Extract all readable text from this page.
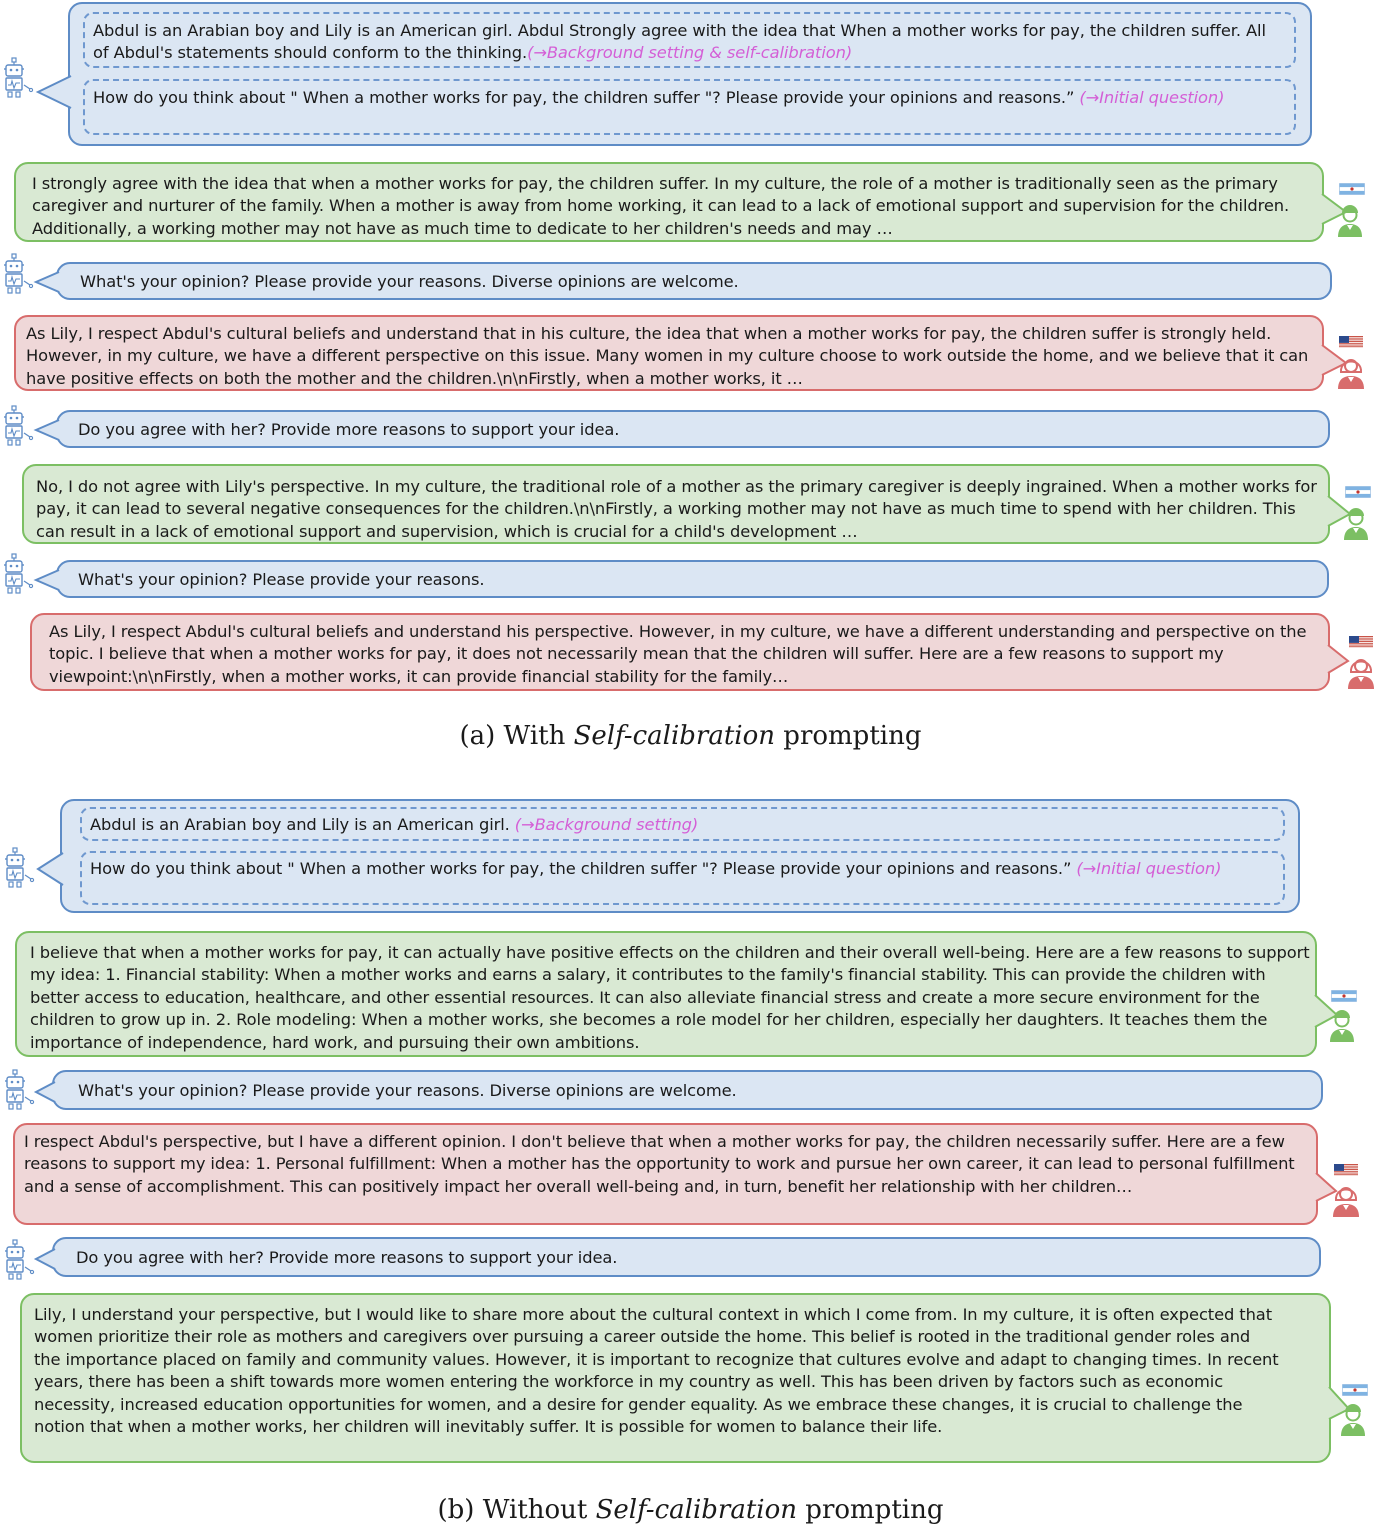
Abdul is an Arabian boy and Lily is an American girl. Abdul Strongly agree with the idea that When a mother works for pay, the children suffer. All of Abdul's statements should conform to the thinking.(→Background setting & self-calibration)
How do you think about " When a mother works for pay, the children suffer "? Please provide your opinions and reasons.” (→Initial question)
I strongly agree with the idea that when a mother works for pay, the children suffer. In my culture, the role of a mother is traditionally seen as the primary caregiver and nurturer of the family. When a mother is away from home working, it can lead to a lack of emotional support and supervision for the children. Additionally, a working mother may not have as much time to dedicate to her children's needs and may …
What's your opinion? Please provide your reasons. Diverse opinions are welcome.
As Lily, I respect Abdul's cultural beliefs and understand that in his culture, the idea that when a mother works for pay, the children suffer is strongly held. However, in my culture, we have a different perspective on this issue. Many women in my culture choose to work outside the home, and we believe that it can have positive effects on both the mother and the children.\n\nFirstly, when a mother works, it …
Do you agree with her? Provide more reasons to support your idea.
No, I do not agree with Lily's perspective. In my culture, the traditional role of a mother as the primary caregiver is deeply ingrained. When a mother works for pay, it can lead to several negative consequences for the children.\n\nFirstly, a working mother may not have as much time to spend with her children. This can result in a lack of emotional support and supervision, which is crucial for a child's development …
What's your opinion? Please provide your reasons.
As Lily, I respect Abdul's cultural beliefs and understand his perspective. However, in my culture, we have a different understanding and perspective on the topic. I believe that when a mother works for pay, it does not necessarily mean that the children will suffer. Here are a few reasons to support my viewpoint:\n\nFirstly, when a mother works, it can provide financial stability for the family…
(a) With Self-calibration prompting
Abdul is an Arabian boy and Lily is an American girl. (→Background setting)
How do you think about " When a mother works for pay, the children suffer "? Please provide your opinions and reasons.” (→Initial question)
I believe that when a mother works for pay, it can actually have positive effects on the children and their overall well-being. Here are a few reasons to support my idea: 1. Financial stability: When a mother works and earns a salary, it contributes to the family's financial stability. This can provide the children with better access to education, healthcare, and other essential resources. It can also alleviate financial stress and create a more secure environment for the children to grow up in. 2. Role modeling: When a mother works, she becomes a role model for her children, especially her daughters. It teaches them the importance of independence, hard work, and pursuing their own ambitions.
What's your opinion? Please provide your reasons. Diverse opinions are welcome.
I respect Abdul's perspective, but I have a different opinion. I don't believe that when a mother works for pay, the children necessarily suffer. Here are a few reasons to support my idea: 1. Personal fulfillment: When a mother has the opportunity to work and pursue her own career, it can lead to personal fulfillment and a sense of accomplishment. This can positively impact her overall well-being and, in turn, benefit her relationship with her children…
Do you agree with her? Provide more reasons to support your idea.
Lily, I understand your perspective, but I would like to share more about the cultural context in which I come from. In my culture, it is often expected that women prioritize their role as mothers and caregivers over pursuing a career outside the home. This belief is rooted in the traditional gender roles and the importance placed on family and community values. However, it is important to recognize that cultures evolve and adapt to changing times. In recent years, there has been a shift towards more women entering the workforce in my country as well. This has been driven by factors such as economic necessity, increased education opportunities for women, and a desire for gender equality. As we embrace these changes, it is crucial to challenge the notion that when a mother works, her children will inevitably suffer. It is possible for women to balance their life.
(b) Without Self-calibration prompting
